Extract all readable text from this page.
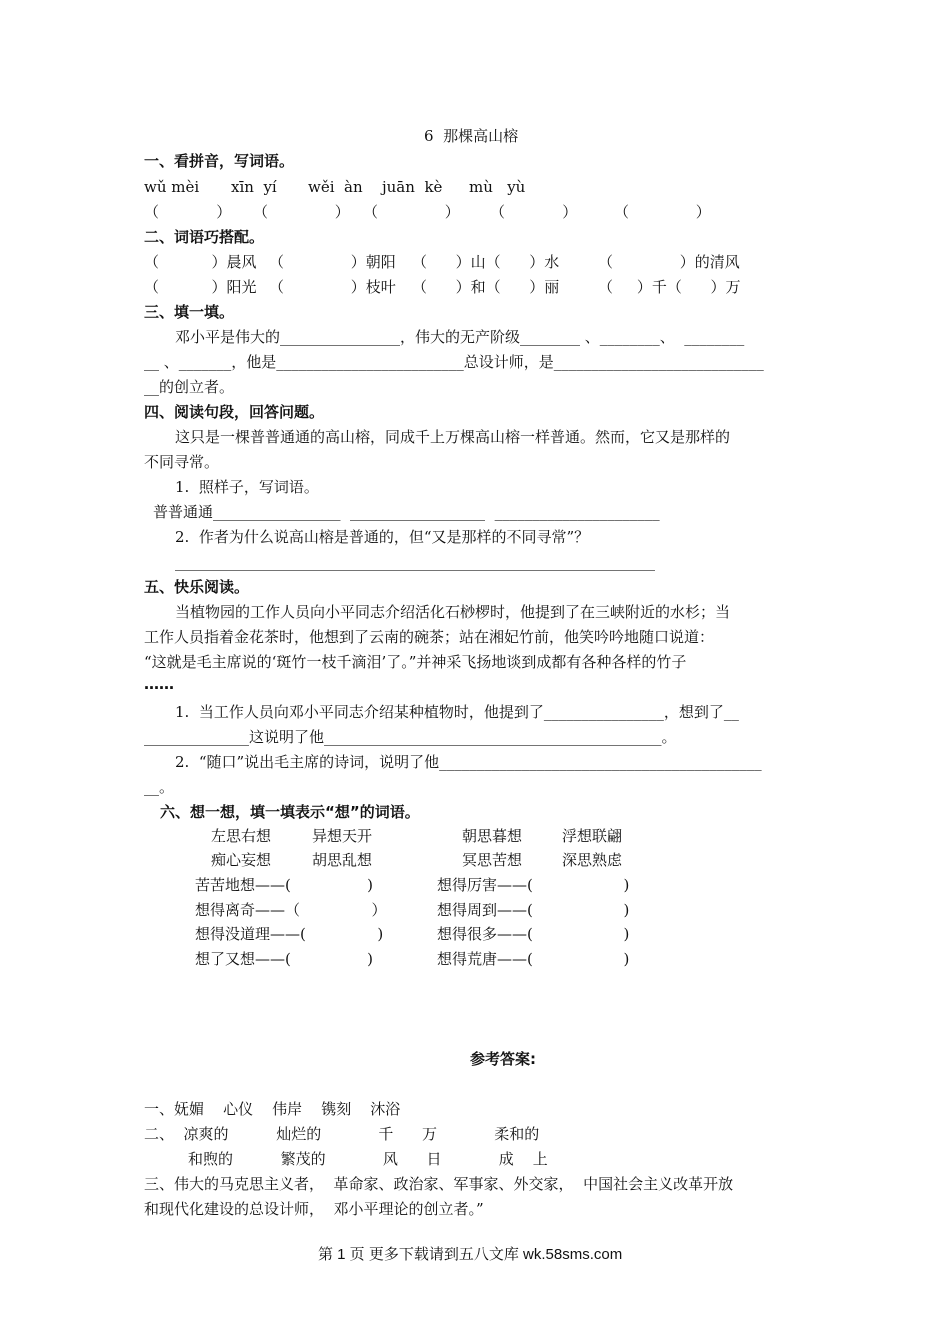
6  那棵高山榕
一、看拼音，写词语。
wǔ mèi xīn  yí wěi  àn juān  kè mù   yù
（            ） （              ） （              ） （            ） （              ）
二、词语巧搭配。
（           ）晨风 （              ）朝阳 （      ）山（      ）水	（              ）的清风
（           ）阳光 （              ）枝叶 （      ）和（      ）丽	（     ）千（      ）万
三、填一填。
邓小平是伟大的________________，伟大的无产阶级________ 、________、  ________
__ 、_______，他是_________________________总设计师，是____________________________
__的创立者。
四、阅读句段，回答问题。
这只是一棵普普通通的高山榕，同成千上万棵高山榕一样普通。然而，它又是那样的
不同寻常。
1.  照样子，写词语。
普普通通_________________  __________________  ______________________
2.  作者为什么说高山榕是普通的，但“又是那样的不同寻常”？
________________________________________________________________
五、快乐阅读。
当植物园的工作人员向小平同志介绍活化石桫椤时，他提到了在三峡附近的水杉；当
工作人员指着金花茶时，他想到了云南的碗茶；站在湘妃竹前，他笑吟吟地随口说道：
“这就是毛主席说的‘斑竹一枝千滴泪’了。”并神采飞扬地谈到成都有各种各样的竹子
……
1.  当工作人员向邓小平同志介绍某种植物时，他提到了________________，想到了__
______________这说明了他_____________________________________________。
2.  “随口”说出毛主席的诗词，说明了他___________________________________________
__。
六、想一想，填一填表示“想”的词语。
左思右想	异想天开	朝思暮想	浮想联翩
痴心妄想	胡思乱想	冥思苦想	深思熟虑
苦苦地想——(                )	想得厉害——(                   )
想得离奇——（               ）	想得周到——(                   )
想得没道理——(               )	想得很多——(                   )
想了又想——(                )	想得荒唐——(                   )
参考答案:
一、妩媚    心仪    伟岸    镌刻    沐浴
二、  凉爽的          灿烂的            千      万            柔和的
和煦的          繁茂的            风      日            成    上
三、伟大的马克思主义者，  革命家、政治家、军事家、外交家，  中国社会主义改革开放
和现代化建设的总设计师，  邓小平理论的创立者。”
第 1 页 更多下载请到五八文库 wk.58sms.com
